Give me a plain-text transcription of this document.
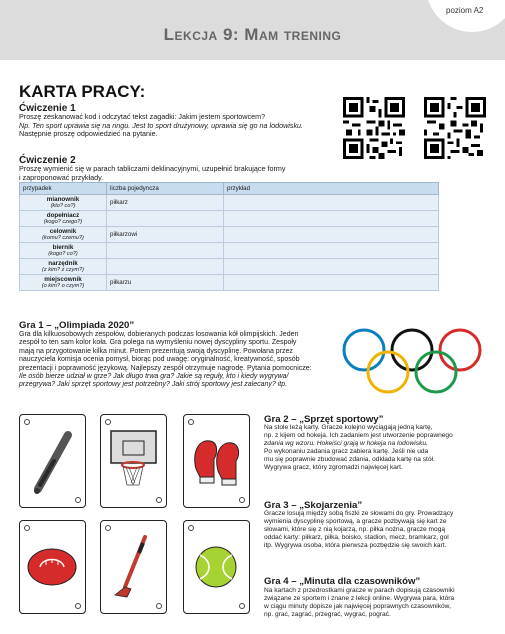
poziom A2
Lekcja 9: Mam trening
KARTA PRACY:
Ćwiczenie 1
Proszę zeskanować kod i odczytać tekst zagadki: Jakim jestem sportowcem?
Np. Ten sport uprawia się na ringu. Jest to sport drużynowy, uprawia się go na lodowisku.
Następnie proszę odpowiedzieć na pytanie.
Ćwiczenie 2
Proszę wymienić się w parach tabliczami deklinacyjnymi, uzupełnić brakujące formy
i zaproponować przykłady.
przypadek	liczba pojedyncza	przykład

mianownik
(kto? co?)	piłkarz	

dopełniacz
(kogo? czego?)		

celownik
(komu? czemu?)	piłkarzowi	

biernik
(kogo? co?)		

narzędnik
(z kim? z czym?)		

miejscownik
(o kim? o czym?)	piłkarzu	
Gra 1 – „Olimpiada 2020”
Gra dla kilkuosobowych zespołów, dobieranych podczas losowania kół olimpijskich. Jeden
zespół to ten sam kolor koła. Gra polega na wymyśleniu nowej dyscypliny sportu. Zespoły
mają na przygotowanie kilka minut. Potem prezentują swoją dyscyplinę. Powołana przez
nauczyciela komisja ocenia pomysł, biorąc pod uwagę: oryginalność, kreatywność, sposób
prezentacji i poprawność językową. Najlepszy zespół otrzymuje nagrodę. Pytania pomocnicze:
Ile osób bierze udział w grze? Jak długo trwa gra? Jakie są reguły, kto i kiedy wygrywa/
przegrywa? Jaki sprzęt sportowy jest potrzebny? Jaki strój sportowy jest zalecany? itp.
Gra 2 – „Sprzęt sportowy”
Na stole leżą karty. Gracze kolejno wyciągają jedną kartę,
np. z kijem od hokeja. Ich zadaniem jest utworzenie poprawnego
zdania wg wzoru. Hokeiści grają w hokeja na lodowisku.
Po wykonaniu zadania gracz zabiera kartę. Jeśli nie uda
mu się poprawnie zbudować zdania, odkłada kartę na stół.
Wygrywa gracz, który zgromadzi najwięcej kart.
Gra 3 – „Skojarzenia”
Gracze losują między sobą fiszki ze słowami do gry. Prowadzący
wymienia dyscyplinę sportową, a gracze pozbywają się kart ze
słowami, które się z nią kojarzą, np. piłka nożna, gracze mogą
oddać karty: piłkarz, piłka, boisko, stadion, mecz, bramkarz, gol
itp. Wygrywa osoba, która pierwsza pozbędzie się swoich kart.
Gra 4 – „Minuta dla czasowników”
Na kartach z przedrostkami gracze w parach dopisują czasowniki
związane ze sportem i znane z lekcji online. Wygrywa para, która
w ciągu minuty dopisze jak najwięcej poprawnych czasowników,
np. grać, zagrać, przegrać, wygrać, pograć.
